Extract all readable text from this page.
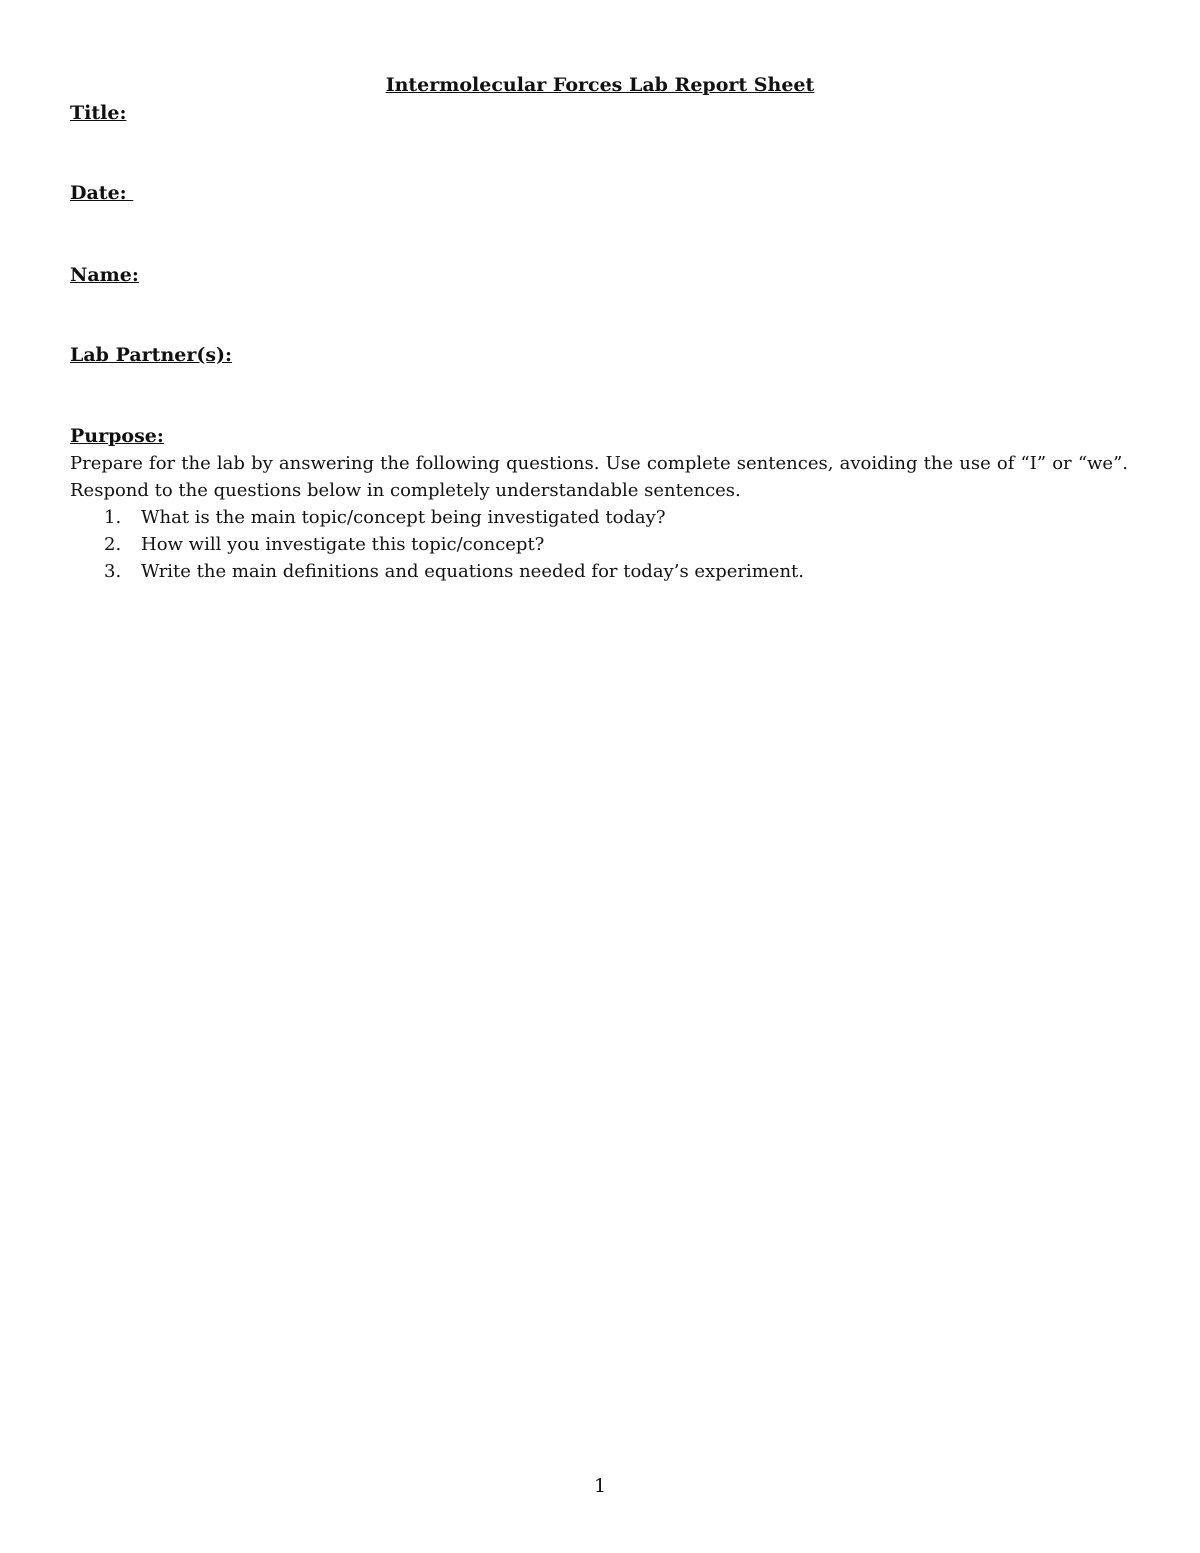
Intermolecular Forces Lab Report Sheet
Title:
Date:
Name:
Lab Partner(s):
Purpose:

Prepare for the lab by answering the following questions. Use complete sentences, avoiding the use of “I” or “we”. Respond to the questions below in completely understandable sentences.

1.	What is the main topic/concept being investigated today?
2.	How will you investigate this topic/concept?
3.	Write the main definitions and equations needed for today’s experiment.
1
